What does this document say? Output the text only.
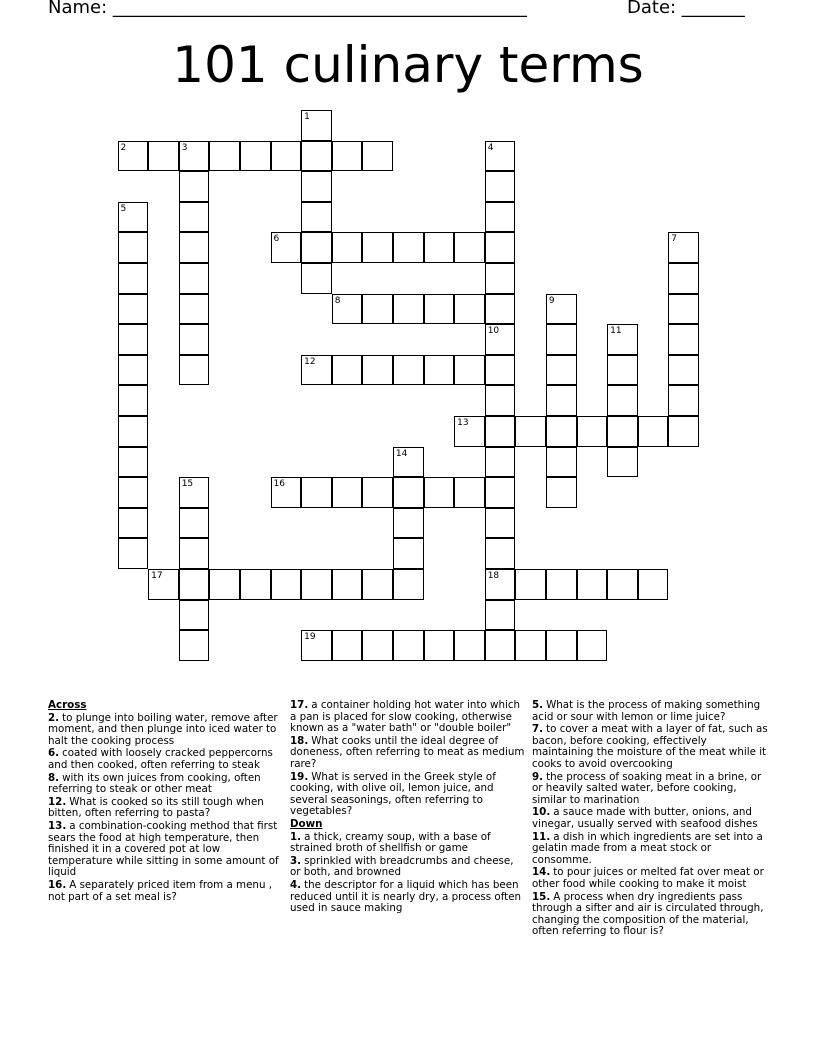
Name: ______________________________________________	Date: _______
101 culinary terms
1
2	3	4
10
5
6	7
8	9
18
11
12
13
14
15	16
17
19

Across

2. to plunge into boiling water, remove after moment, and then plunge into iced water to halt the cooking process

6. coated with loosely cracked peppercorns and then cooked, often referring to steak

8. with its own juices from cooking, often referring to steak or other meat

12. What is cooked so its still tough when bitten, often referring to pasta?

13. a combination-cooking method that first sears the food at high temperature, then finished it in a covered pot at low temperature while sitting in some amount of liquid

16. A separately priced item from a menu , not part of a set meal is?

17. a container holding hot water into which a pan is placed for slow cooking, otherwise known as a "water bath" or "double boiler"

18. What cooks until the ideal degree of doneness, often referring to meat as medium rare?

19. What is served in the Greek style of cooking, with olive oil, lemon juice, and several seasonings, often referring to vegetables?

Down

1. a thick, creamy soup, with a base of strained broth of shellfish or game

3. sprinkled with breadcrumbs and cheese, or both, and browned

4. the descriptor for a liquid which has been reduced until it is nearly dry, a process often used in sauce making

5. What is the process of making something acid or sour with lemon or lime juice?

7. to cover a meat with a layer of fat, such as bacon, before cooking, effectively maintaining the moisture of the meat while it cooks to avoid overcooking

9. the process of soaking meat in a brine, or or heavily salted water, before cooking, similar to marination

10. a sauce made with butter, onions, and vinegar, usually served with seafood dishes

11. a dish in which ingredients are set into a gelatin made from a meat stock or consomme.

14. to pour juices or melted fat over meat or other food while cooking to make it moist

15. A process when dry ingredients pass through a sifter and air is circulated through, changing the composition of the material, often referring to flour is?
